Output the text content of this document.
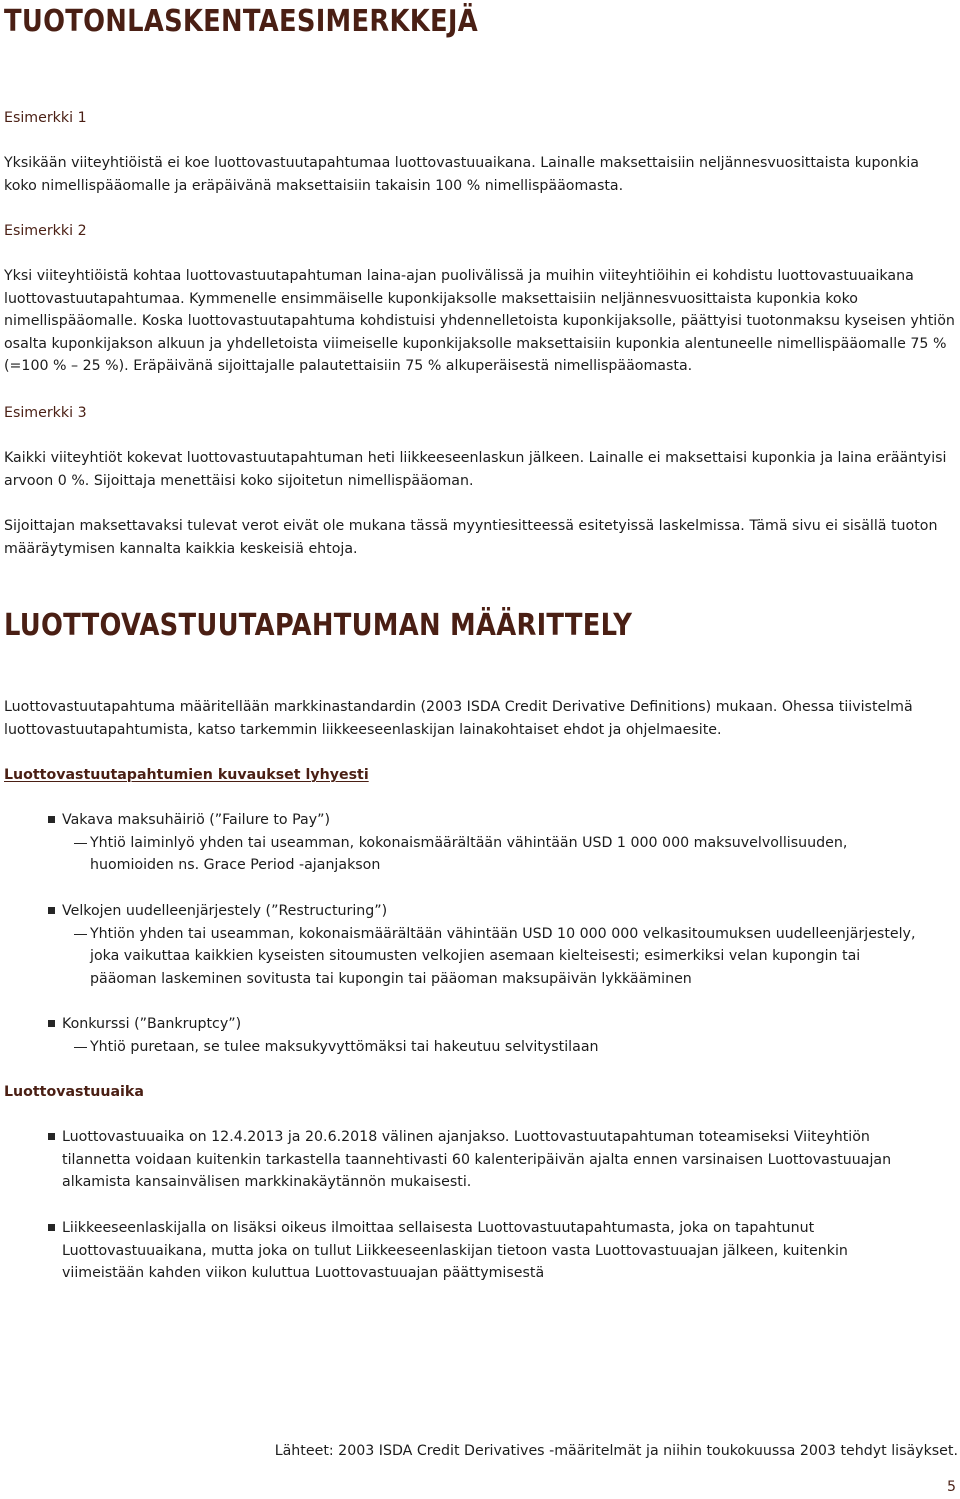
TUOTONLASKENTAESIMERKKEJÄ
Esimerkki 1

Yksikään viiteyhtiöistä ei koe luottovastuutapahtumaa luottovastuuaikana. Lainalle maksettaisiin neljännesvuosittaista kuponkia koko nimellispääomalle ja eräpäivänä maksettaisiin takaisin 100 % nimellispääomasta.

Esimerkki 2

Yksi viiteyhtiöistä kohtaa luottovastuutapahtuman laina-ajan puolivälissä ja muihin viiteyhtiöihin ei kohdistu luottovastuuaikana luottovastuutapahtumaa. Kymmenelle ensimmäiselle kuponkijaksolle maksettaisiin neljännesvuosittaista kuponkia koko nimellispääomalle. Koska luottovastuutapahtuma kohdistuisi yhdennelletoista kuponkijaksolle, päättyisi tuotonmaksu kyseisen yhtiön osalta kuponkijakson alkuun ja yhdelletoista viimeiselle kuponkijaksolle maksettaisiin kuponkia alentuneelle nimellispääomalle 75 % (=100 % – 25 %). Eräpäivänä sijoittajalle palautettaisiin 75 % alkuperäisestä nimellispääomasta.

Esimerkki 3

Kaikki viiteyhtiöt kokevat luottovastuutapahtuman heti liikkeeseenlaskun jälkeen. Lainalle ei maksettaisi kuponkia ja laina erääntyisi arvoon 0 %. Sijoittaja menettäisi koko sijoitetun nimellispääoman.

Sijoittajan maksettavaksi tulevat verot eivät ole mukana tässä myyntiesitteessä esitetyissä laskelmissa. Tämä sivu ei sisällä tuoton määräytymisen kannalta kaikkia keskeisiä ehtoja.

LUOTTOVASTUUTAPAHTUMAN MÄÄRITTELY

Luottovastuutapahtuma määritellään markkinastandardin (2003 ISDA Credit Derivative Definitions) mukaan. Ohessa tiivistelmä luottovastuutapahtumista, katso tarkemmin liikkeeseenlaskijan lainakohtaiset ehdot ja ohjelmaesite.

Luottovastuutapahtumien kuvaukset lyhyesti
Vakava maksuhäiriö (”Failure to Pay”)
Yhtiö laiminlyö yhden tai useamman, kokonaismäärältään vähintään USD 1 000 000 maksuvelvollisuuden, huomioiden ns. Grace Period -ajanjakson
Velkojen uudelleenjärjestely (”Restructuring”)
Yhtiön yhden tai useamman, kokonaismäärältään vähintään USD 10 000 000 velkasitoumuksen uudelleenjärjestely, joka vaikuttaa kaikkien kyseisten sitoumusten velkojien asemaan kielteisesti; esimerkiksi velan kupongin tai pääoman laskeminen sovitusta tai kupongin tai pääoman maksupäivän lykkääminen
Konkurssi (”Bankruptcy”)
Yhtiö puretaan, se tulee maksukyvyttömäksi tai hakeutuu selvitystilaan
Luottovastuuaika
Luottovastuuaika on 12.4.2013 ja 20.6.2018 välinen ajanjakso. Luottovastuutapahtuman toteamiseksi Viiteyhtiön tilannetta voidaan kuitenkin tarkastella taannehtivasti 60 kalenteripäivän ajalta ennen varsinaisen Luottovastuuajan alkamista kansainvälisen markkinakäytännön mukaisesti.
Liikkeeseenlaskijalla on lisäksi oikeus ilmoittaa sellaisesta Luottovastuutapahtumasta, joka on tapahtunut Luottovastuuaikana, mutta joka on tullut Liikkeeseenlaskijan tietoon vasta Luottovastuuajan jälkeen, kuitenkin viimeistään kahden viikon kuluttua Luottovastuuajan päättymisestä
Lähteet: 2003 ISDA Credit Derivatives -määritelmät ja niihin toukokuussa 2003 tehdyt lisäykset.
5
